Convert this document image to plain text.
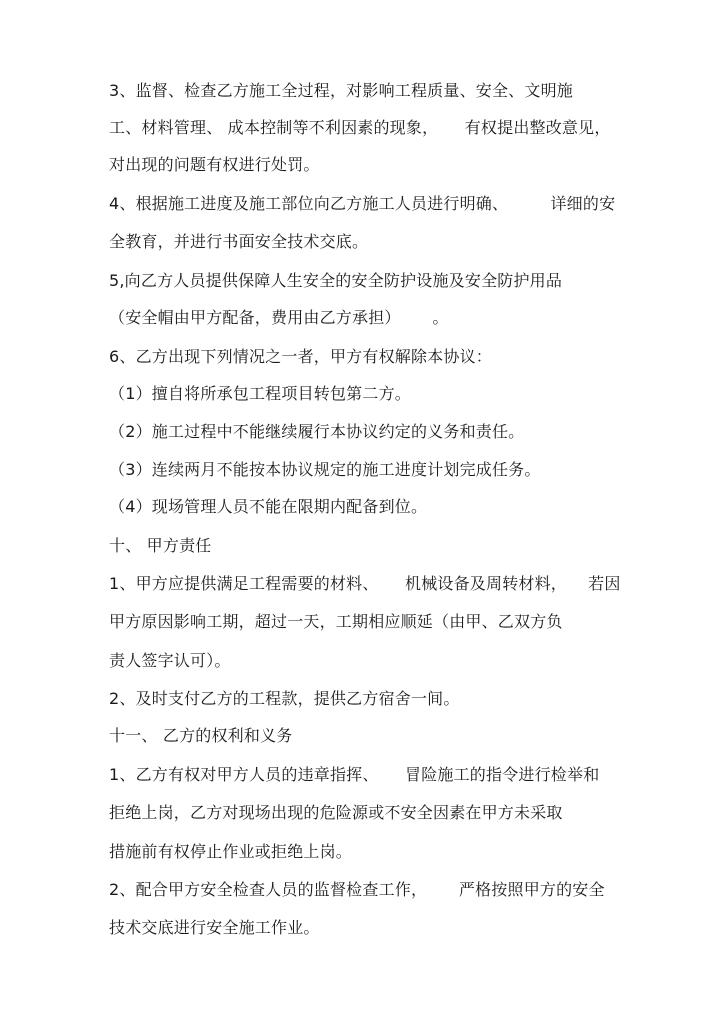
3、监督、检查乙方施工全过程，对影响工程质量、安全、文明施
工、材料管理、 成本控制等不利因素的现象，     有权提出整改意见，
对出现的问题有权进行处罚。
4、根据施工进度及施工部位向乙方施工人员进行明确、        详细的安
全教育，并进行书面安全技术交底。
5,向乙方人员提供保障人生安全的安全防护设施及安全防护用品
（安全帽由甲方配备，费用由乙方承担）      。
6、乙方出现下列情况之一者，甲方有权解除本协议：
（1）擅自将所承包工程项目转包第二方。
（2）施工过程中不能继续履行本协议约定的义务和责任。
（3）连续两月不能按本协议规定的施工进度计划完成任务。
（4）现场管理人员不能在限期内配备到位。
十、 甲方责任
1、甲方应提供满足工程需要的材料、     机械设备及周转材料，    若因
甲方原因影响工期，超过一天，工期相应顺延（由甲、乙双方负
责人签字认可）。
2、及时支付乙方的工程款，提供乙方宿舍一间。
十一、 乙方的权利和义务
1、乙方有权对甲方人员的违章指挥、     冒险施工的指令进行检举和
拒绝上岗，乙方对现场出现的危险源或不安全因素在甲方未采取
措施前有权停止作业或拒绝上岗。
2、配合甲方安全检查人员的监督检查工作，      严格按照甲方的安全
技术交底进行安全施工作业。
